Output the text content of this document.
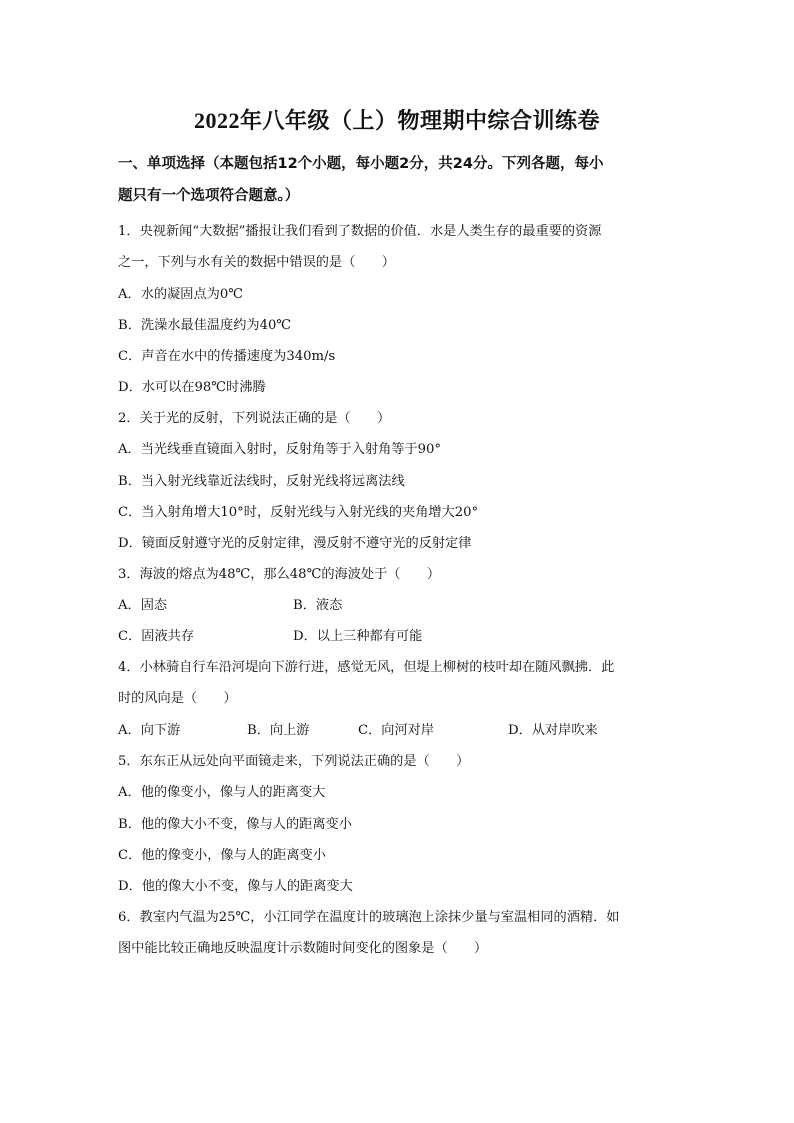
2022年八年级（上）物理期中综合训练卷
一、单项选择（本题包括12个小题，每小题2分，共24分。下列各题，每小
题只有一个选项符合题意。）
1．央视新闻“大数据”播报让我们看到了数据的价值．水是人类生存的最重要的资源
之一，下列与水有关的数据中错误的是（　　）
A．水的凝固点为0℃
B．洗澡水最佳温度约为40℃
C．声音在水中的传播速度为340m/s
D．水可以在98℃时沸腾
2．关于光的反射，下列说法正确的是（　　）
A．当光线垂直镜面入射时，反射角等于入射角等于90°
B．当入射光线靠近法线时，反射光线将远离法线
C．当入射角增大10°时，反射光线与入射光线的夹角增大20°
D．镜面反射遵守光的反射定律，漫反射不遵守光的反射定律
3．海波的熔点为48℃，那么48℃的海波处于（　　）
A．固态	B．液态
C．固液共存	D．以上三种都有可能
4．小林骑自行车沿河堤向下游行进，感觉无风，但堤上柳树的枝叶却在随风飘拂．此
时的风向是（　　）
A．向下游	B．向上游	C．向河对岸	D．从对岸吹来
5．东东正从远处向平面镜走来，下列说法正确的是（　　）
A．他的像变小，像与人的距离变大
B．他的像大小不变，像与人的距离变小
C．他的像变小，像与人的距离变小
D．他的像大小不变，像与人的距离变大
6．教室内气温为25℃，小江同学在温度计的玻璃泡上涂抹少量与室温相同的酒精．如
图中能比较正确地反映温度计示数随时间变化的图象是（　　）
